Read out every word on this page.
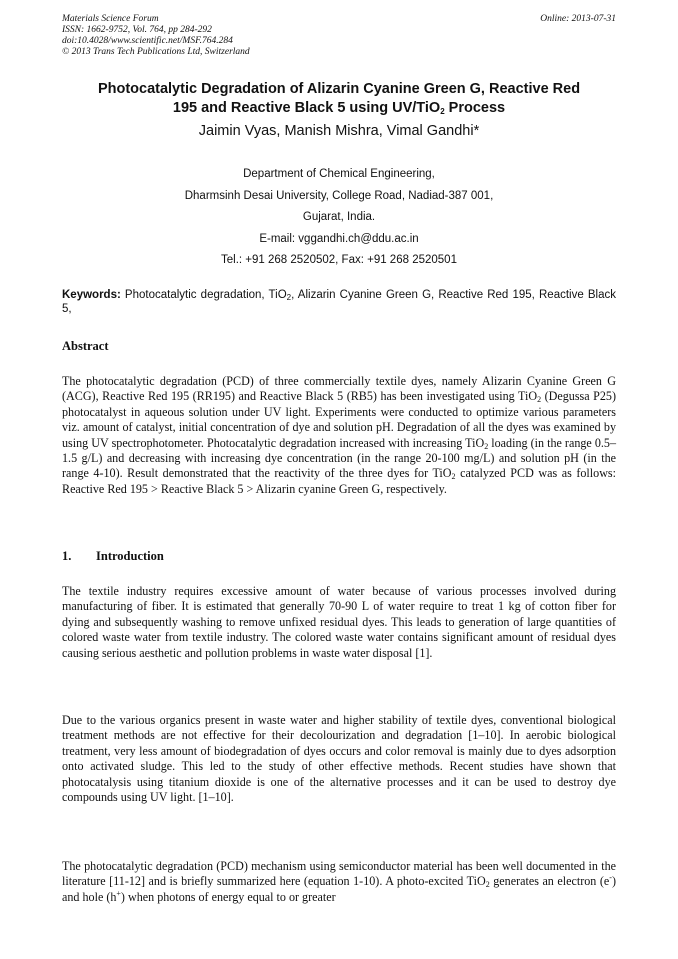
Materials Science Forum
ISSN: 1662-9752, Vol. 764, pp 284-292
doi:10.4028/www.scientific.net/MSF.764.284
© 2013 Trans Tech Publications Ltd, Switzerland
Online: 2013-07-31
Photocatalytic Degradation of Alizarin Cyanine Green G, Reactive Red
195 and Reactive Black 5 using UV/TiO$_2$ Process
Jaimin Vyas, Manish Mishra, Vimal Gandhi*
Department of Chemical Engineering,
Dharmsinh Desai University, College Road, Nadiad-387 001,
Gujarat, India.
E-mail: vggandhi.ch@ddu.ac.in
Tel.: +91 268 2520502, Fax: +91 268 2520501
Keywords: Photocatalytic degradation, TiO$_2$, Alizarin Cyanine Green G, Reactive Red 195, Reactive Black 5,
Abstract
The photocatalytic degradation (PCD) of three commercially textile dyes, namely Alizarin Cyanine Green G (ACG), Reactive Red 195 (RR195) and Reactive Black 5 (RB5) has been investigated using TiO$_2$ (Degussa P25) photocatalyst in aqueous solution under UV light. Experiments were conducted to optimize various parameters viz. amount of catalyst, initial concentration of dye and solution pH. Degradation of all the dyes was examined by using UV spectrophotometer. Photocatalytic degradation increased with increasing TiO$_2$ loading (in the range 0.5–1.5 g/L) and decreasing with increasing dye concentration (in the range 20-100 mg/L) and solution pH (in the range 4-10). Result demonstrated that the reactivity of the three dyes for TiO$_2$ catalyzed PCD was as follows: Reactive Red 195 > Reactive Black 5 > Alizarin cyanine Green G, respectively.
1. Introduction
The textile industry requires excessive amount of water because of various processes involved during manufacturing of fiber. It is estimated that generally 70-90 L of water require to treat 1 kg of cotton fiber for dying and subsequently washing to remove unfixed residual dyes. This leads to generation of large quantities of colored waste water from textile industry. The colored waste water contains significant amount of residual dyes causing serious aesthetic and pollution problems in waste water disposal [1].
Due to the various organics present in waste water and higher stability of textile dyes, conventional biological treatment methods are not effective for their decolourization and degradation [1–10]. In aerobic biological treatment, very less amount of biodegradation of dyes occurs and color removal is mainly due to dyes adsorption onto activated sludge. This led to the study of other effective methods. Recent studies have shown that photocatalysis using titanium dioxide is one of the alternative processes and it can be used to destroy dye compounds using UV light. [1–10].
The photocatalytic degradation (PCD) mechanism using semiconductor material has been well documented in the literature [11-12] and is briefly summarized here (equation 1-10). A photo-excited TiO$_2$ generates an electron (e-) and hole (h+) when photons of energy equal to or greater
